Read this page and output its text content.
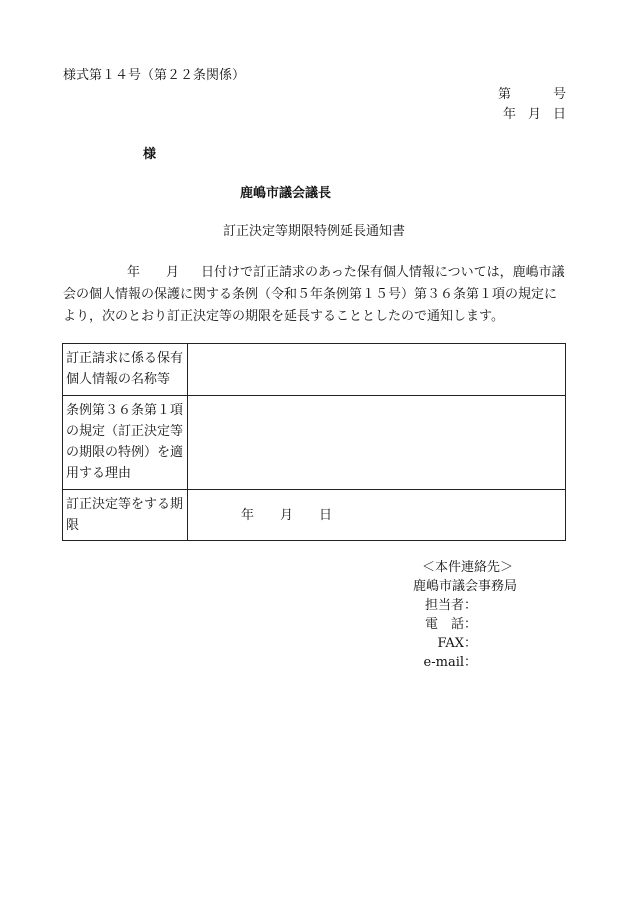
様式第１４号（第２２条関係）
第	号
年 月 日
様
鹿嶋市議会議長
訂正決定等期限特例延長通知書

年 月 日付けで訂正請求のあった保有個人情報については，鹿嶋市議会の個人情報の保護に関する条例（令和５年条例第１５号）第３６条第１項の規定により，次のとおり訂正決定等の期限を延長することとしたので通知します。

訂正請求に係る保有個人情報の名称等	
条例第３６条第１項の規定（訂正決定等の期限の特例）を適用する理由	
訂正決定等をする期限	年 月 日
＜本件連絡先＞
鹿嶋市議会事務局
担当者：
電　話：
FAX：
e-mail：
